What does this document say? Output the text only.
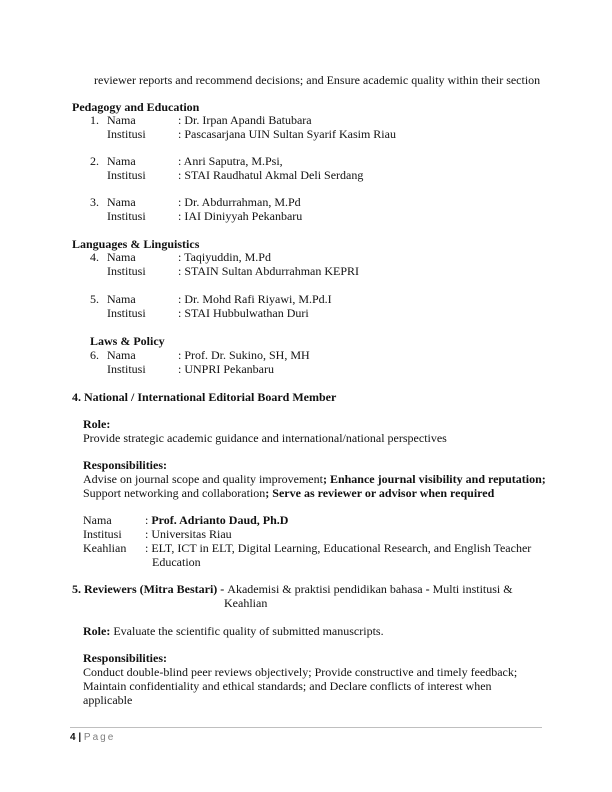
reviewer reports and recommend decisions; and Ensure academic quality within their section
Pedagogy and Education
1. Nama	: Dr. Irpan Apandi Batubara
Institusi	: Pascasarjana UIN Sultan Syarif Kasim Riau
2. Nama	: Anri Saputra, M.Psi,
Institusi	: STAI Raudhatul Akmal Deli Serdang
3. Nama	: Dr. Abdurrahman, M.Pd
Institusi	: IAI Diniyyah Pekanbaru
Languages & Linguistics
4. Nama	: Taqiyuddin, M.Pd
Institusi	: STAIN Sultan Abdurrahman KEPRI
5. Nama	: Dr. Mohd Rafi Riyawi, M.Pd.I
Institusi	: STAI Hubbulwathan Duri
Laws & Policy
6. Nama	: Prof. Dr. Sukino, SH, MH
Institusi	: UNPRI Pekanbaru
4. National / International Editorial Board Member
Role:
Provide strategic academic guidance and international/national perspectives
Responsibilities:
Advise on journal scope and quality improvement; Enhance journal visibility and reputation;
Support networking and collaboration; Serve as reviewer or advisor when required
Nama	: Prof. Adrianto Daud, Ph.D
Institusi : Universitas Riau
Keahlian : ELT, ICT in ELT, Digital Learning, Educational Research, and English Teacher
Education
5. Reviewers (Mitra Bestari) - Akademisi & praktisi pendidikan bahasa - Multi institusi &
Keahlian
Role: Evaluate the scientific quality of submitted manuscripts.
Responsibilities:
Conduct double-blind peer reviews objectively; Provide constructive and timely feedback;
Maintain confidentiality and ethical standards; and Declare conflicts of interest when
applicable
4 | Page
